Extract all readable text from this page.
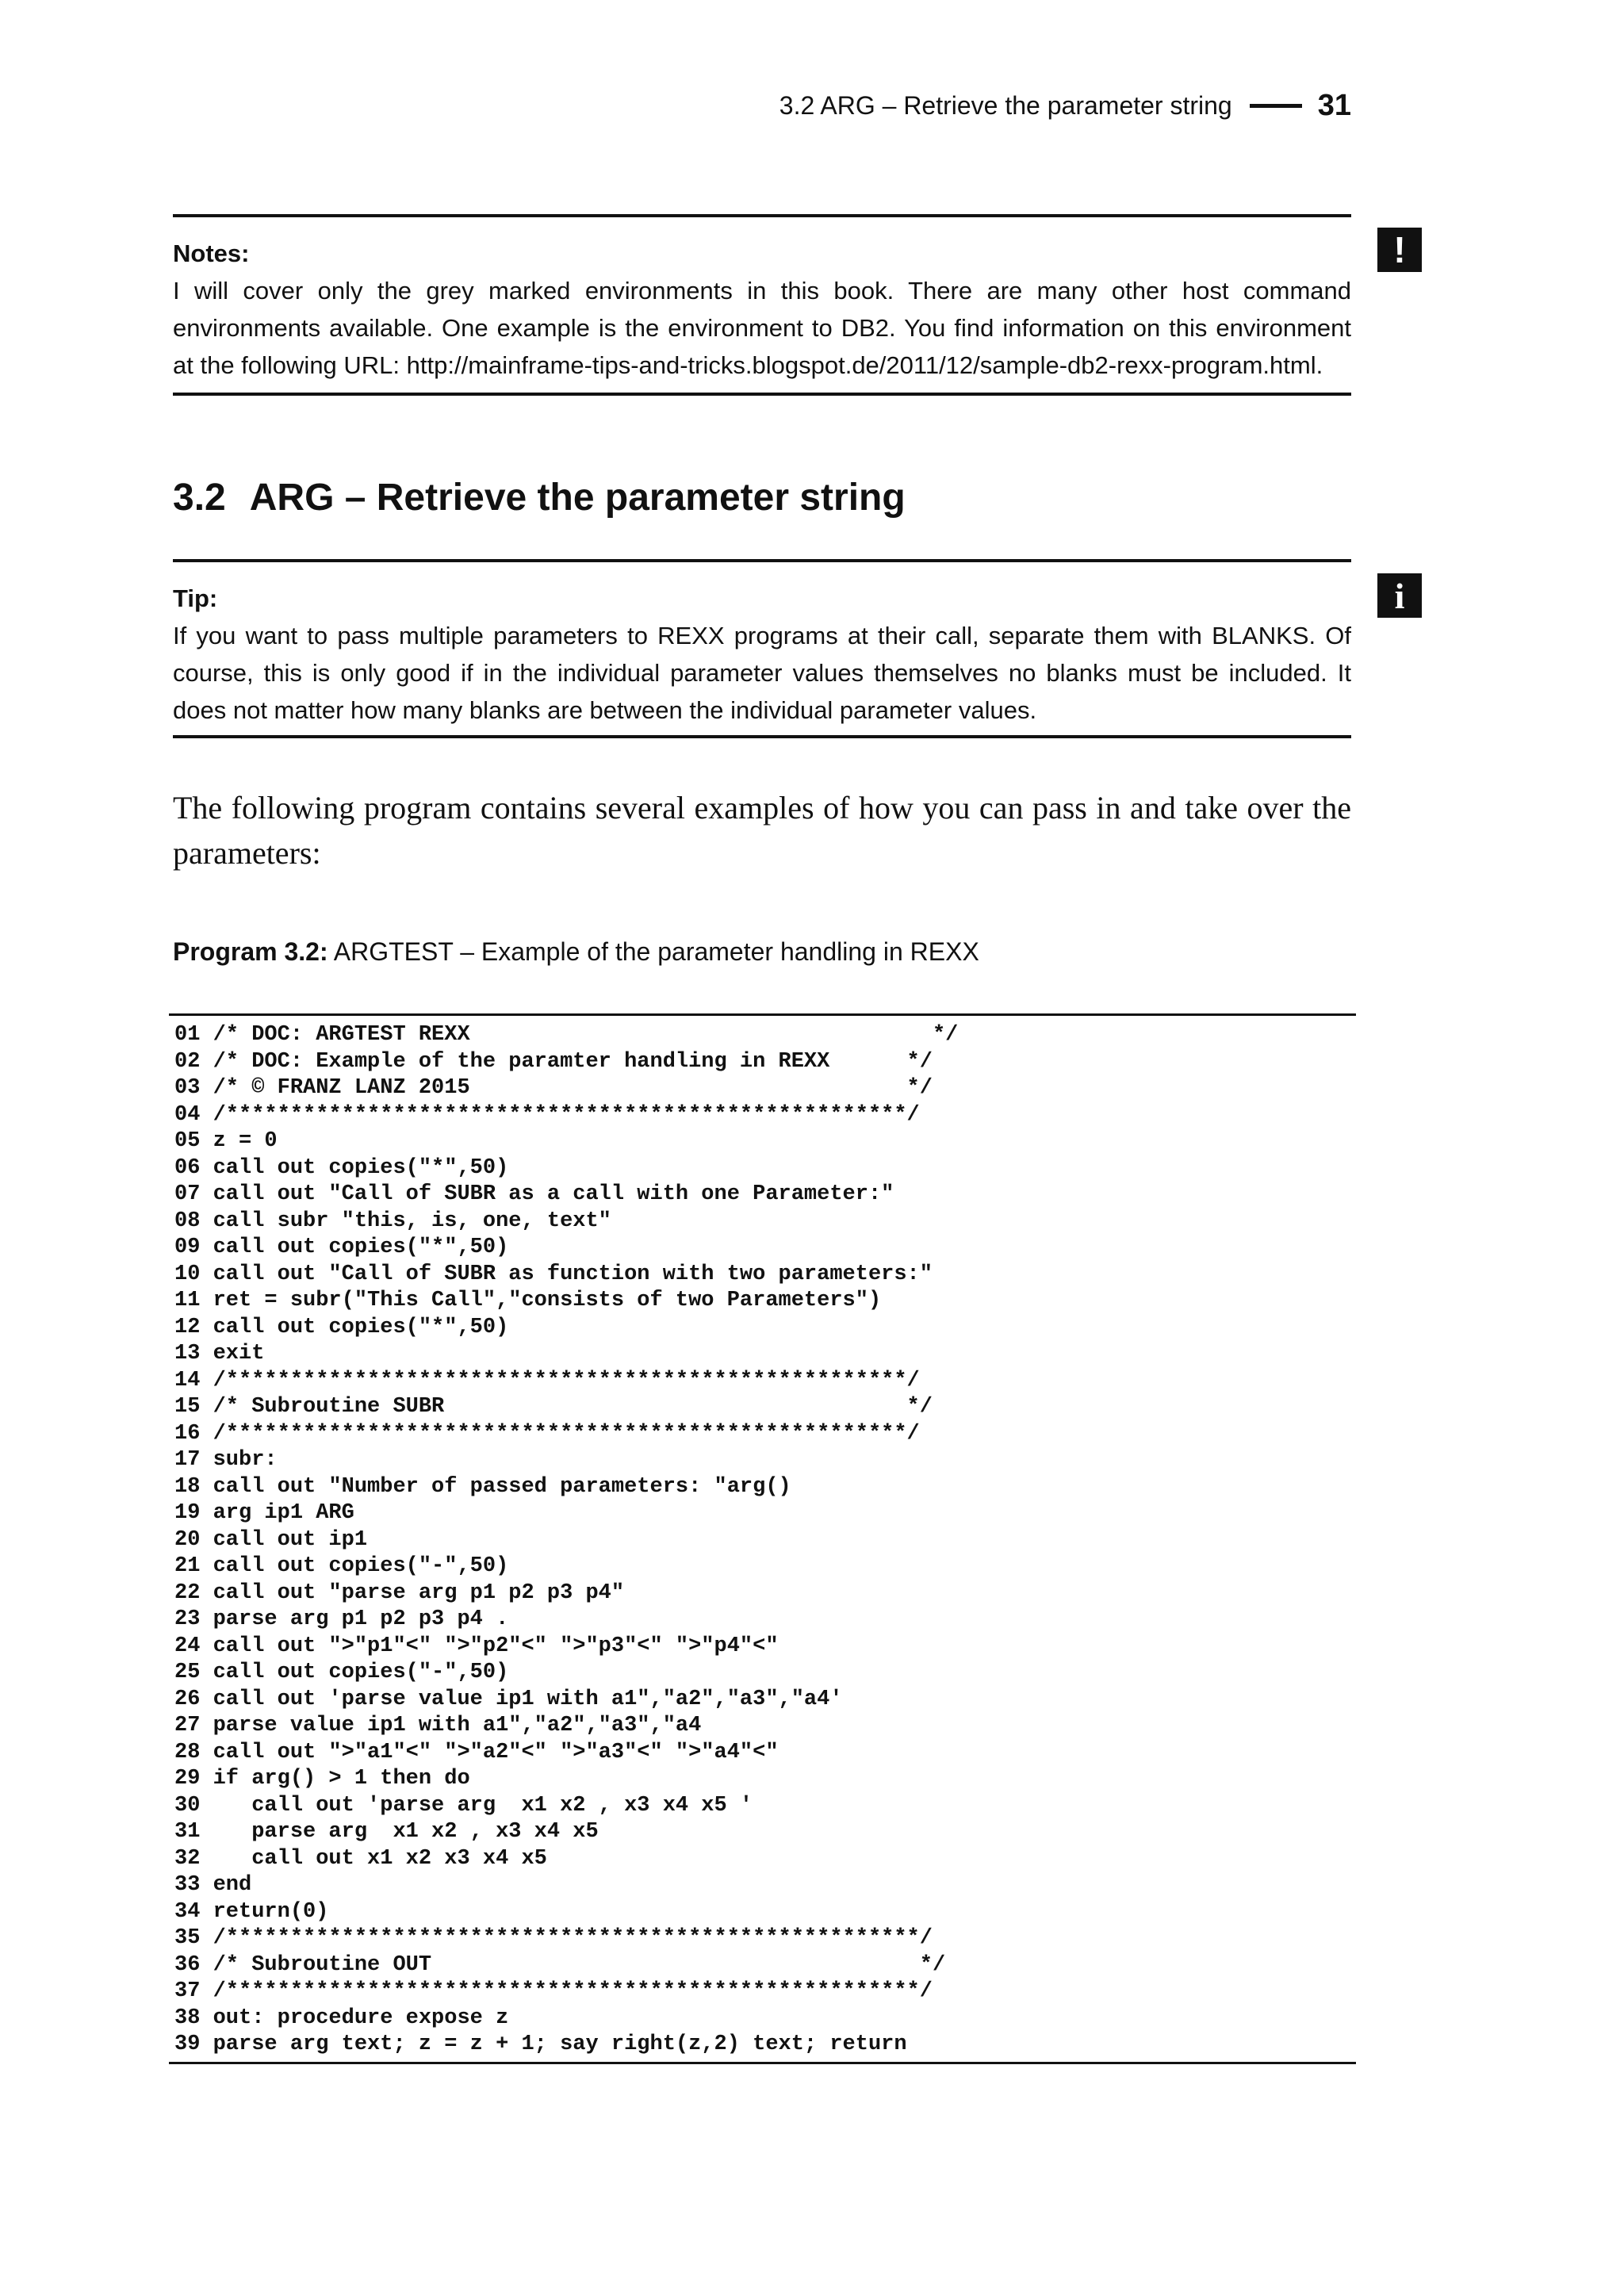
3.2 ARG – Retrieve the parameter string	31
Notes:

I will cover only the grey marked environments in this book. There are many other host command environments available. One example is the environment to DB2. You find information on this environment at the following URL: http://mainframe-tips-and-tricks.blogspot.de/2011/12/sample-db2-rexx-program.html.

!
3.2 ARG – Retrieve the parameter string
Tip:

If you want to pass multiple parameters to REXX programs at their call, separate them with BLANKS. Of course, this is only good if in the individual parameter values themselves no blanks must be included. It does not matter how many blanks are between the individual parameter values.

i

The following program contains several examples of how you can pass in and take over the parameters:

Program 3.2: ARGTEST – Example of the parameter handling in REXX

01 /* DOC: ARGTEST REXX                                    */
02 /* DOC: Example of the paramter handling in REXX      */
03 /* © FRANZ LANZ 2015                                  */
04 /*****************************************************/
05 z = 0
06 call out copies("*",50)
07 call out "Call of SUBR as a call with one Parameter:"
08 call subr "this, is, one, text"
09 call out copies("*",50)
10 call out "Call of SUBR as function with two parameters:"
11 ret = subr("This Call","consists of two Parameters")
12 call out copies("*",50)
13 exit
14 /*****************************************************/
15 /* Subroutine SUBR                                    */
16 /*****************************************************/
17 subr:
18 call out "Number of passed parameters: "arg()
19 arg ip1 ARG
20 call out ip1
21 call out copies("-",50)
22 call out "parse arg p1 p2 p3 p4"
23 parse arg p1 p2 p3 p4 .
24 call out ">"p1"<" ">"p2"<" ">"p3"<" ">"p4"<"
25 call out copies("-",50)
26 call out 'parse value ip1 with a1","a2","a3","a4'
27 parse value ip1 with a1","a2","a3","a4
28 call out ">"a1"<" ">"a2"<" ">"a3"<" ">"a4"<"
29 if arg() > 1 then do
30    call out 'parse arg  x1 x2 , x3 x4 x5 '
31    parse arg  x1 x2 , x3 x4 x5
32    call out x1 x2 x3 x4 x5
33 end
34 return(0)
35 /******************************************************/
36 /* Subroutine OUT                                      */
37 /******************************************************/
38 out: procedure expose z
39 parse arg text; z = z + 1; say right(z,2) text; return
